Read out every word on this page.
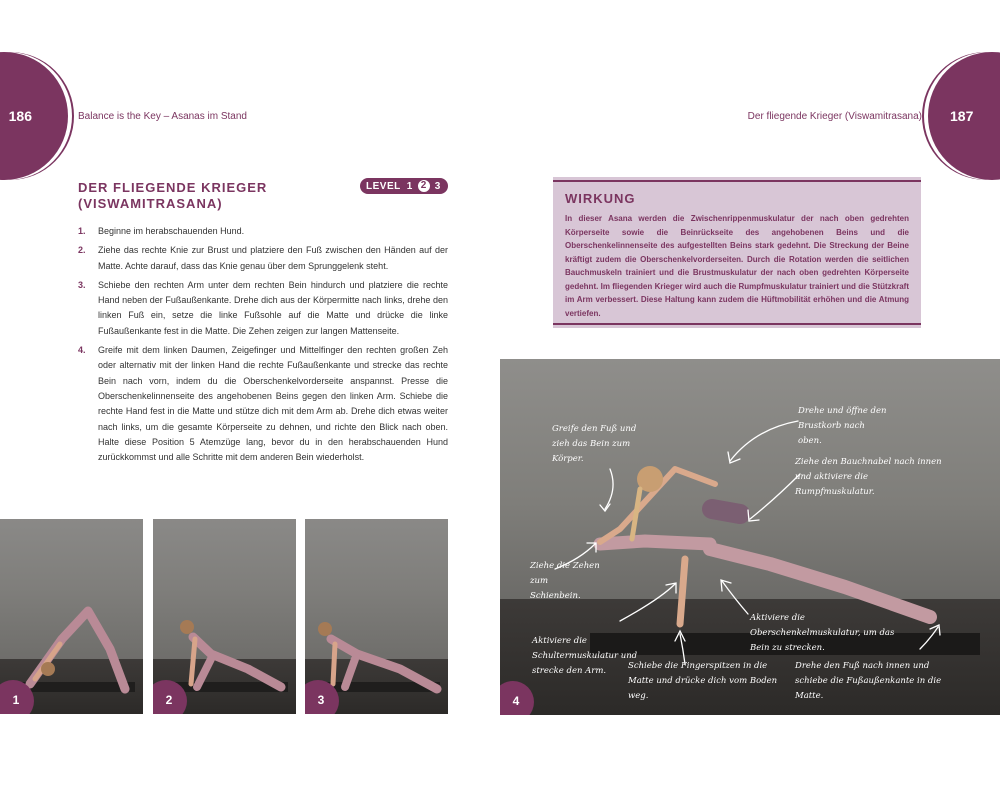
186	Balance is the Key – Asanas im Stand
DER FLIEGENDE KRIEGER
(VISWAMITRASANA)
LEVEL 1 2 3
1.	Beginne im herabschauenden Hund.
2.	Ziehe das rechte Knie zur Brust und platziere den Fuß zwischen den Händen auf der Matte. Achte darauf, dass das Knie genau über dem Sprunggelenk steht.
3.	Schiebe den rechten Arm unter dem rechten Bein hindurch und platziere die rechte Hand neben der Fußaußenkante. Drehe dich aus der Körpermitte nach links, drehe den linken Fuß ein, setze die linke Fußsohle auf die Matte und drücke die linke Fußaußenkante fest in die Matte. Die Zehen zeigen zur langen Mattenseite.
4.	Greife mit dem linken Daumen, Zeigefinger und Mittelfinger den rechten großen Zeh oder alternativ mit der linken Hand die rechte Fußaußenkante und strecke das rechte Bein nach vorn, indem du die Oberschenkelvorderseite anspannst. Presse die Oberschenkelinnenseite des angehobenen Beins gegen den linken Arm. Schiebe die rechte Hand fest in die Matte und stütze dich mit dem Arm ab. Drehe dich etwas weiter nach links, um die gesamte Körperseite zu dehnen, und richte den Blick nach oben. Halte diese Position 5 Atemzüge lang, bevor du in den herabschauenden Hund zurückkommst und alle Schritte mit dem anderen Bein wiederholst.
1	2	3
187
Der fliegende Krieger (Viswamitrasana)
WIRKUNG
In dieser Asana werden die Zwischenrippenmuskulatur der nach oben gedrehten Körperseite sowie die Beinrückseite des angehobenen Beins und die Oberschenkelinnenseite des aufgestellten Beins stark gedehnt. Die Streckung der Beine kräftigt zudem die Oberschenkelvorderseiten. Durch die Rotation werden die seitlichen Bauchmuskeln trainiert und die Brustmuskulatur der nach oben gedrehten Körperseite gedehnt. Im fliegenden Krieger wird auch die Rumpfmuskulatur trainiert und die Stützkraft im Arm verbessert. Diese Haltung kann zudem die Hüftmobilität erhöhen und die Atmung vertiefen.
Greife den Fuß und zieh das Bein zum Körper.
Drehe und öffne den Brustkorb nach oben.
Ziehe den Bauchnabel nach innen und aktiviere die Rumpfmuskulatur.
Ziehe die Zehen zum Schienbein.
Aktiviere die Oberschenkelmuskulatur, um das Bein zu strecken.
Aktiviere die Schultermuskulatur und strecke den Arm.	Schiebe die Fingerspitzen in die Matte und drücke dich vom Boden weg.
Drehe den Fuß nach innen und schiebe die Fußaußenkante in die Matte.
4
